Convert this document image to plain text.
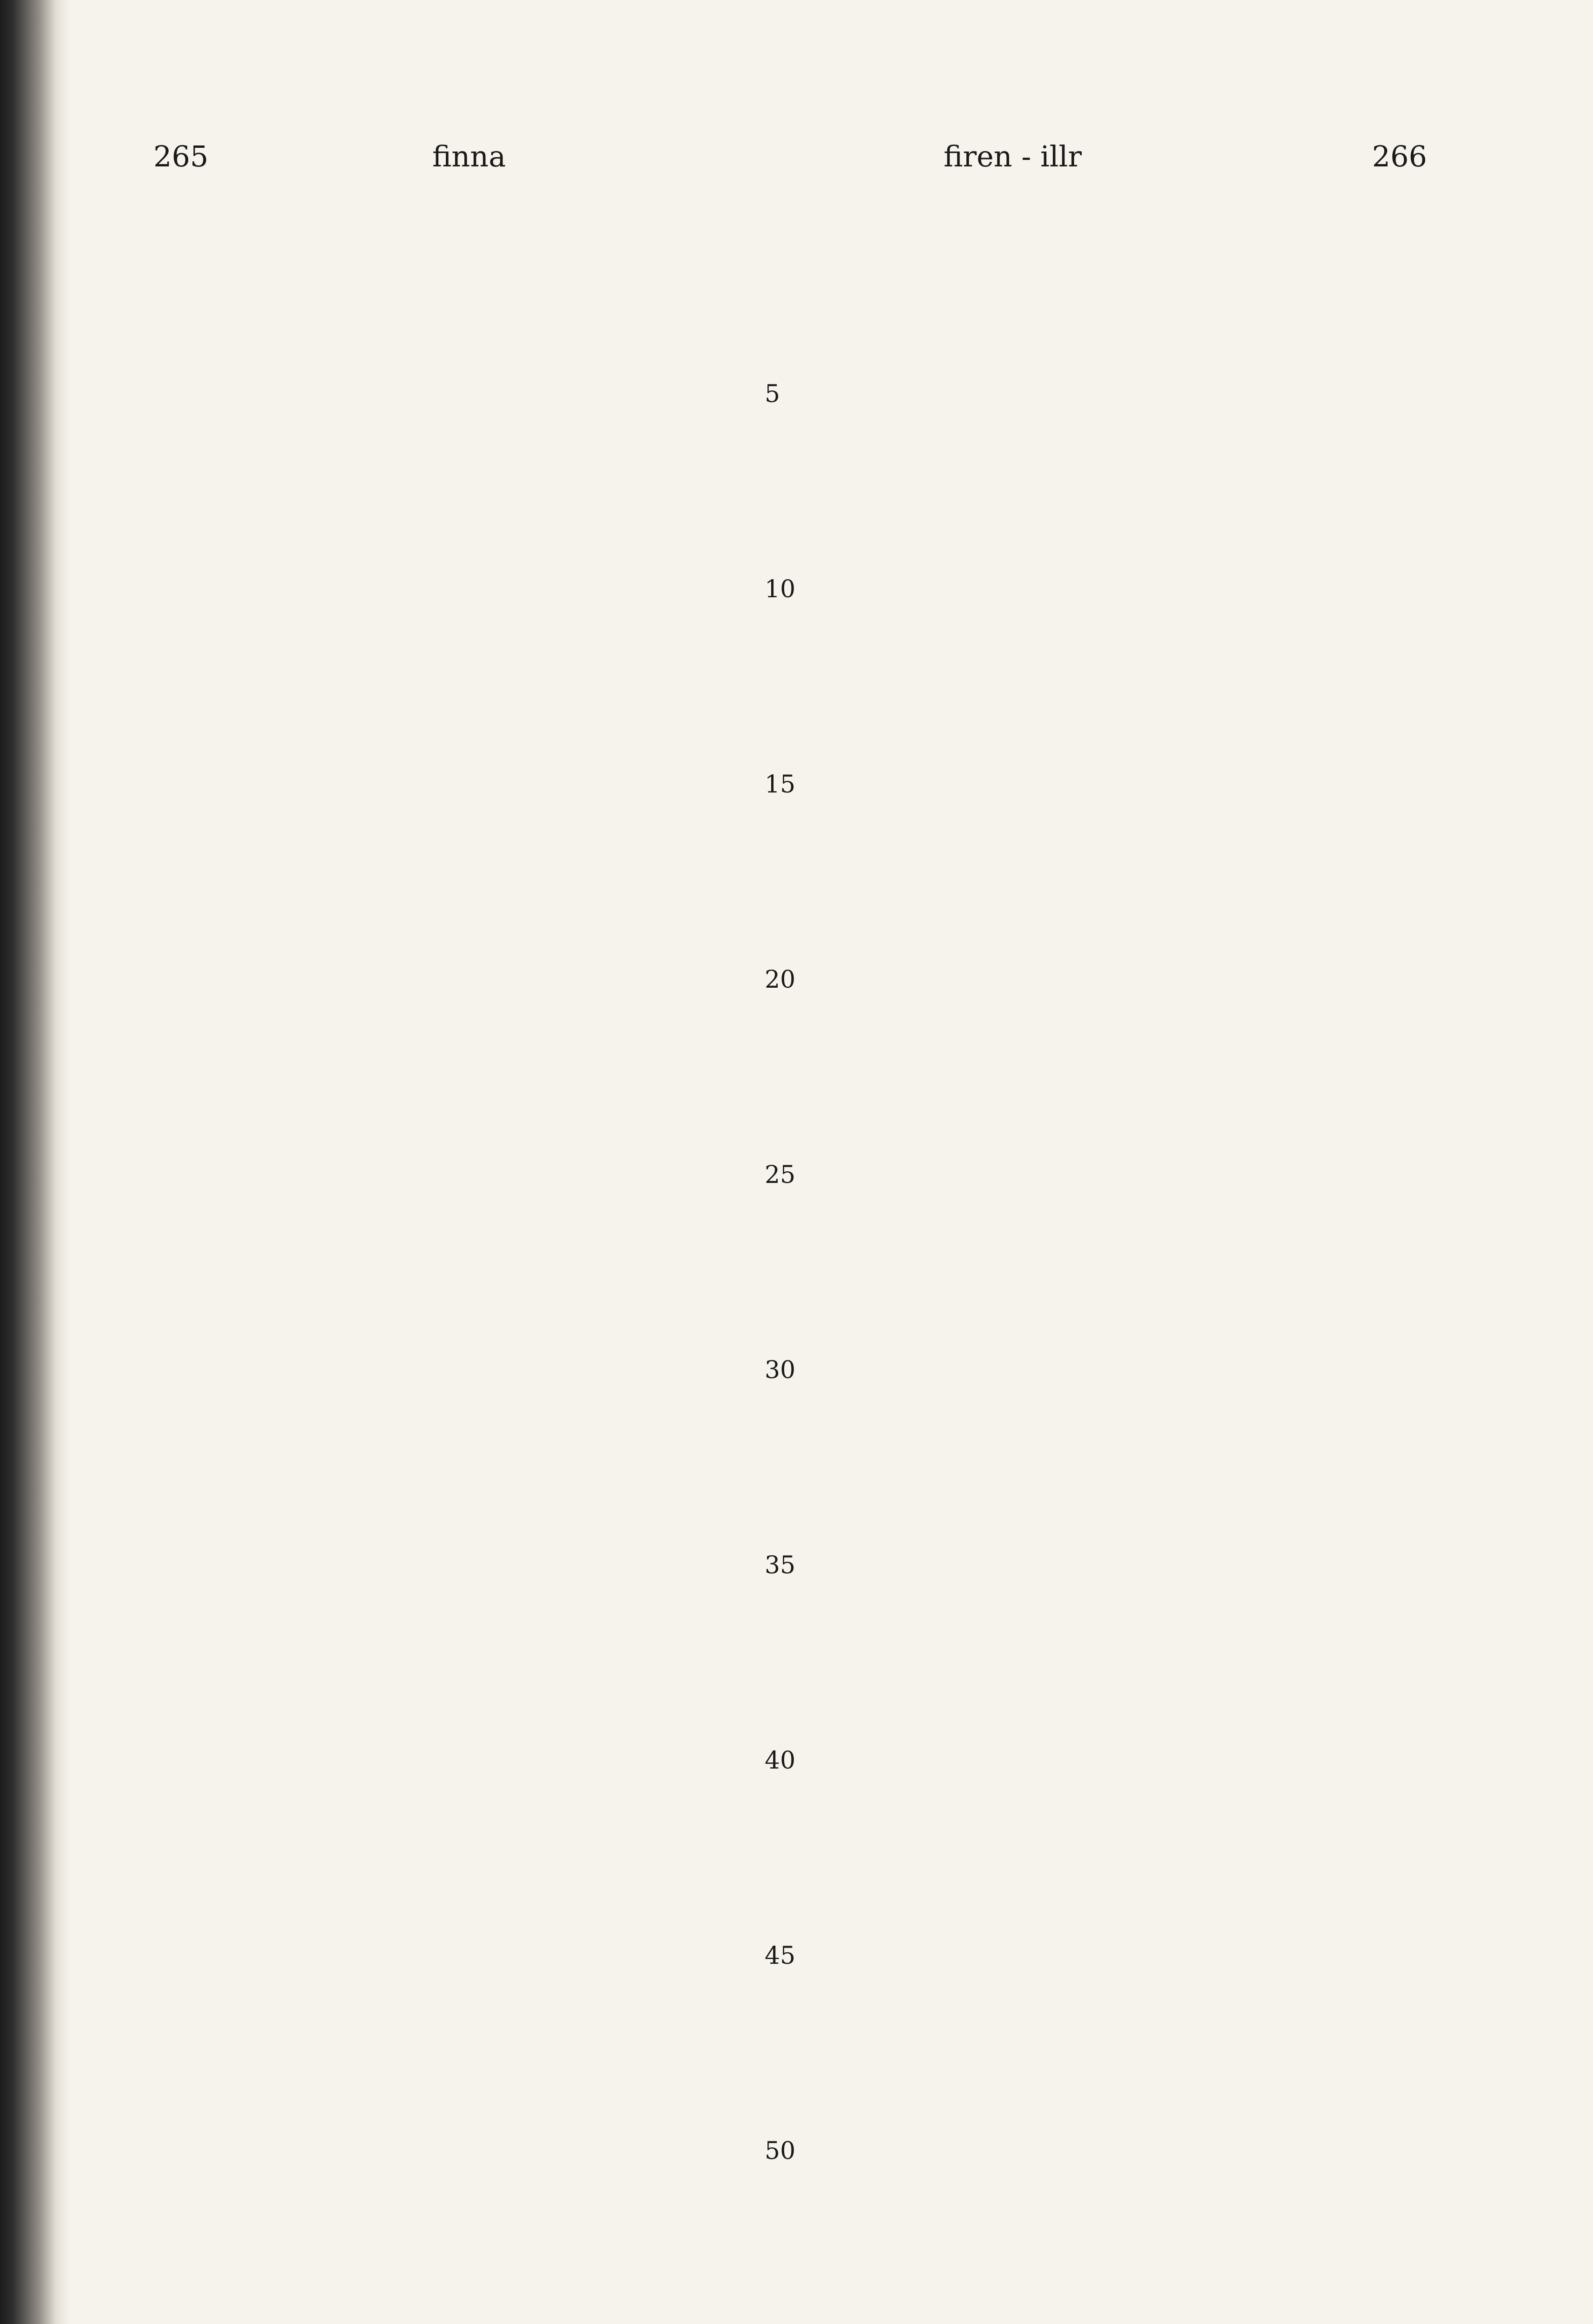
265	finna	firen - illr	266
5
10
15
20
25
30
35
40
45
50
